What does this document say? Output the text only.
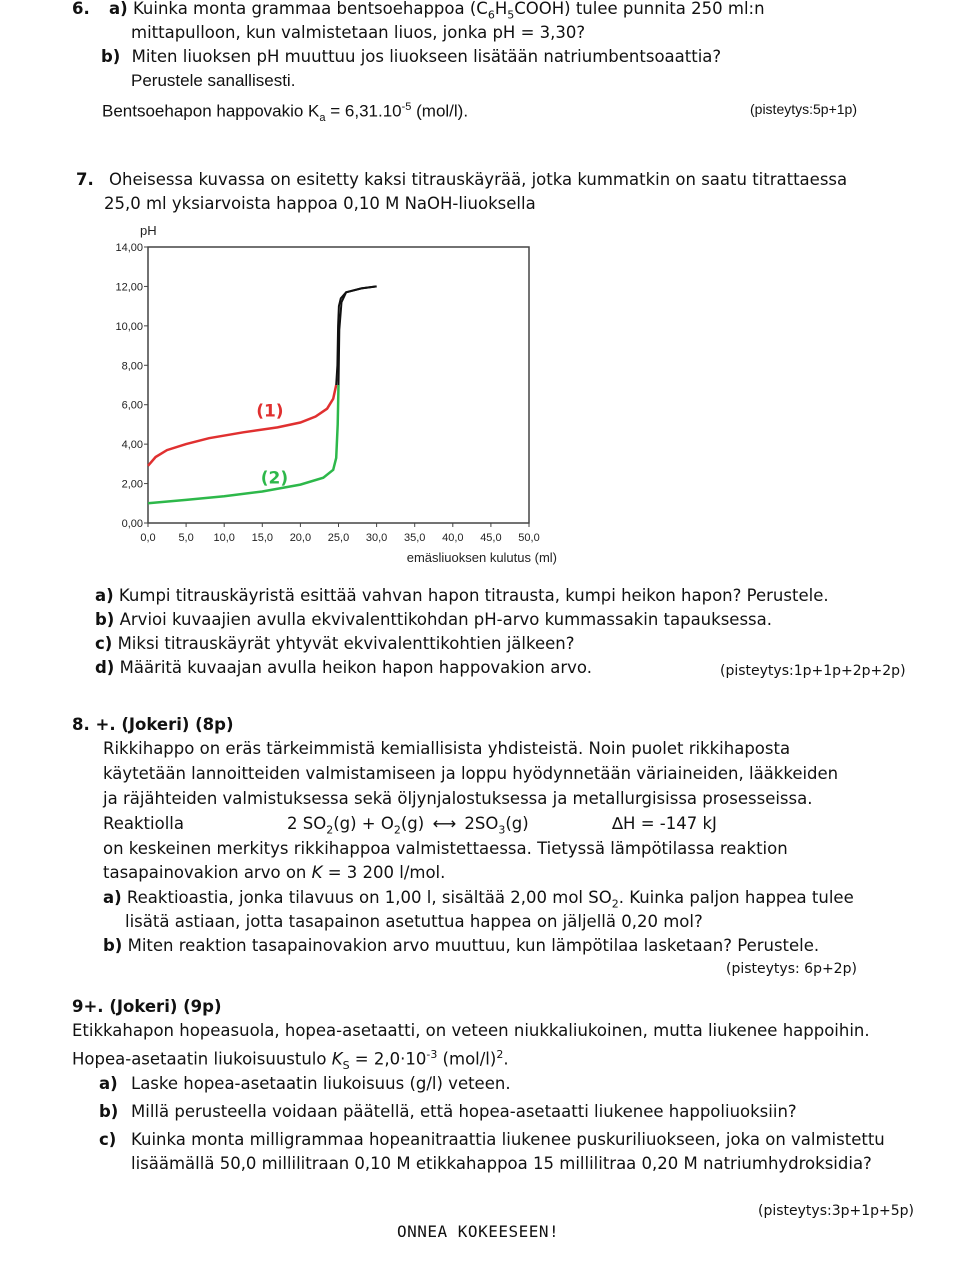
6. a) Kuinka monta grammaa bentsoehappoa $(C_6H_5COOH)$ tulee punnita 250 ml:n
mittapulloon, kun valmistetaan liuos, jonka pH = 3,30?
b) Miten liuoksen pH muuttuu jos liuokseen lisätään natriumbentsoaattia?
Perustele sanallisesti.
Bentsoehapon happovakio $K_a = 6,31.10^{-5}$ (mol/l).	(pisteytys:5p+1p)
7. Oheisessa kuvassa on esitetty kaksi titrauskäyrää, jotka kummatkin on saatu titrattaessa
25,0 ml yksiarvoista happoa 0,10 M NaOH-liuoksella
0,00
2,00
4,00
6,00
8,00
10,00
12,00
14,00
0,0 5,0 10,0 15,0 20,0 25,0 30,0 35,0 40,0 45,0 50,0
pH
emäsliuoksen kulutus (ml)
(1)
(2)
a) Kumpi titrauskäyristä esittää vahvan hapon titrausta, kumpi heikon hapon? Perustele.
b) Arvioi kuvaajien avulla ekvivalenttikohdan pH-arvo kummassakin tapauksessa.
c) Miksi titrauskäyrät yhtyvät ekvivalenttikohtien jälkeen?
d) Määritä kuvaajan avulla heikon hapon happovakion arvo.	(pisteytys:1p+1p+2p+2p)
8. +. (Jokeri) (8p)
Rikkihappo on eräs tärkeimmistä kemiallisista yhdisteistä. Noin puolet rikkihaposta
käytetään lannoitteiden valmistamiseen ja loppu hyödynnetään väriaineiden, lääkkeiden
ja räjähteiden valmistuksessa sekä öljynjalostuksessa ja metallurgisissa prosesseissa.
Reaktiolla	2 $SO_2(g) + O_2(g)$ ⟷ $2SO_3(g)$	∆H = -147 kJ
on keskeinen merkitys rikkihappoa valmistettaessa. Tietyssä lämpötilassa reaktion
tasapainovakion arvo on K = 3 200 l/mol.
a) Reaktioastia, jonka tilavuus on 1,00 l, sisältää 2,00 mol $SO_2$. Kuinka paljon happea tulee
lisätä astiaan, jotta tasapainon asetuttua happea on jäljellä 0,20 mol?
b) Miten reaktion tasapainovakion arvo muuttuu, kun lämpötilaa lasketaan? Perustele.
(pisteytys: 6p+2p)
9+. (Jokeri) (9p)
Etikkahapon hopeasuola, hopea-asetaatti, on veteen niukkaliukoinen, mutta liukenee happoihin.
Hopea-asetaatin liukoisuustulo $K_S = 2,0\cdot 10^{-3}$ $(mol/l)^2$.
a) Laske hopea-asetaatin liukoisuus (g/l) veteen.
b) Millä perusteella voidaan päätellä, että hopea-asetaatti liukenee happoliuoksiin?
c) Kuinka monta milligrammaa hopeanitraattia liukenee puskuriliuokseen, joka on valmistettu
lisäämällä 50,0 millilitraan 0,10 M etikkahappoa 15 millilitraa 0,20 M natriumhydroksidia?
(pisteytys:3p+1p+5p)
ONNEA KOKEESEEN!
